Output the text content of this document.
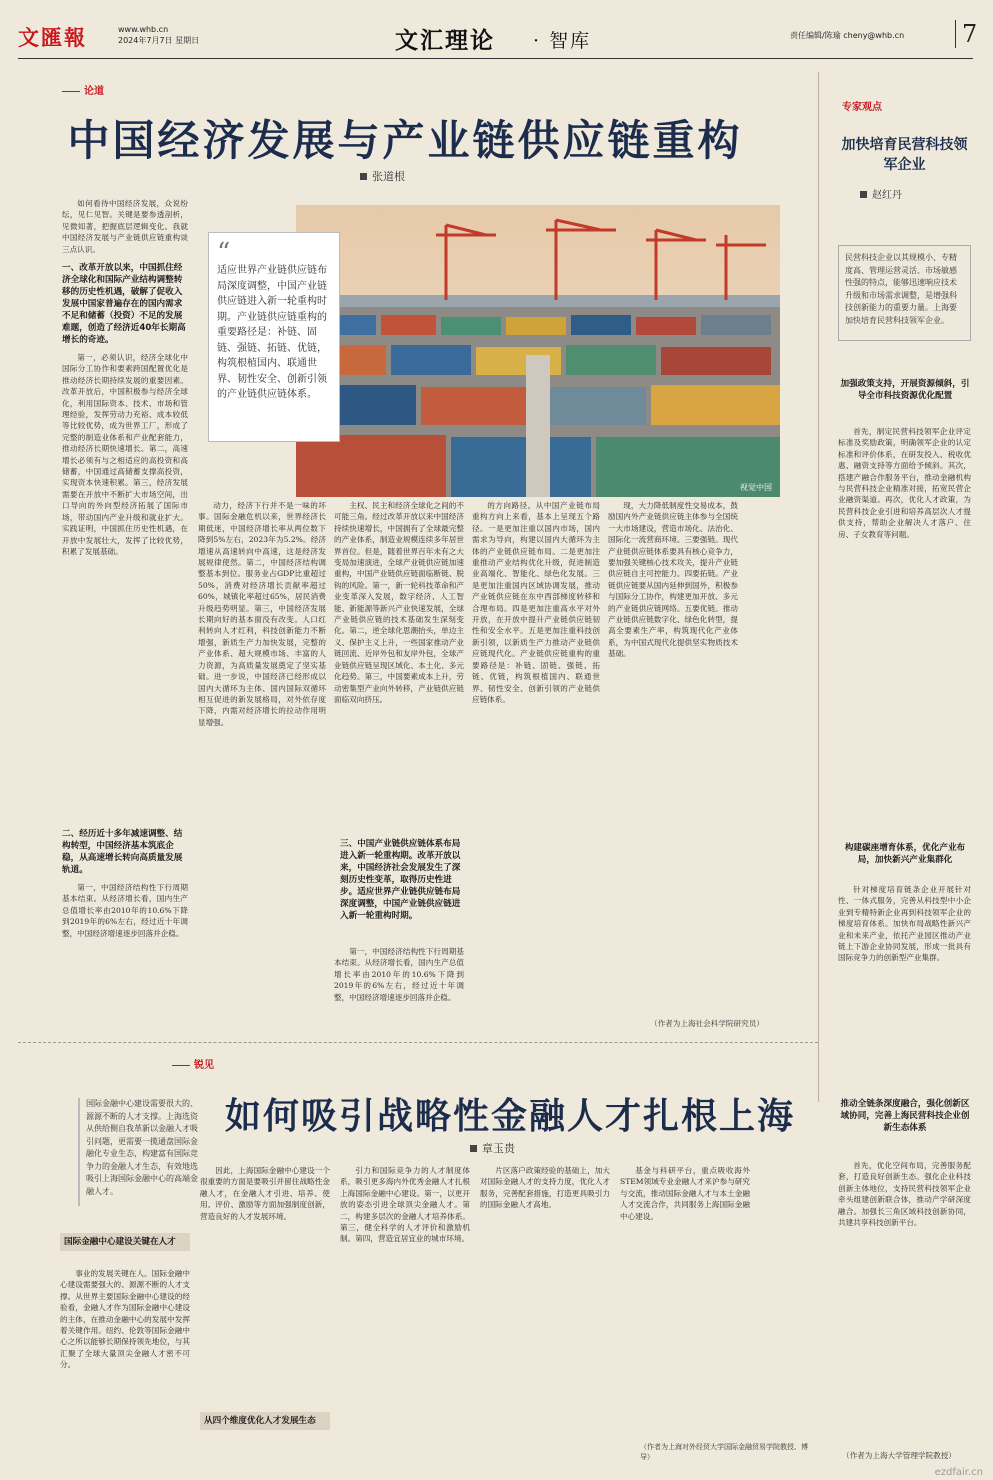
文匯報	www.whb.cn
2024年7月7日 星期日	文汇理论 · 智库	责任编辑/陈瑜 cheny@whb.cn 7
论道
中国经济发展与产业链供应链重构
张道根
视觉中国
“
适应世界产业链供应链布局深度调整，中国产业链供应链进入新一轮重构时期。产业链供应链重构的重要路径是：补链、固链、强链、拓链、优链，构筑根植国内、联通世界、韧性安全、创新引领的产业链供应链体系。

如何看待中国经济发展，众说纷纭，见仁见智。关键是要参透剖析，见微知著，把握底层逻辑变化。我就中国经济发展与产业链供应链重构谈三点认识。

一、改革开放以来，中国抓住经济全球化和国际产业结构调整转移的历史性机遇，破解了促收入发展中国家普遍存在的国内需求不足和储蓄（投资）不足的发展难题，创造了经济近40年长期高增长的奇迹。

第一，必须认识，经济全球化中国际分工协作和要素跨国配置优化是推动经济长期持续发展的重要因素。改革开放后，中国积极参与经济全球化，利用国际资本、技术、市场和管理经验，发挥劳动力充裕、成本较低等比较优势，成为世界工厂，形成了完整的制造业体系和产业配套能力，推动经济长期快速增长。第二，高速增长必须有与之相适应的高投资和高储蓄，中国通过高储蓄支撑高投资，实现资本快速积累。第三，经济发展需要在开放中不断扩大市场空间，出口导向的外向型经济拓展了国际市场，带动国内产业升级和就业扩大。实践证明，中国抓住历史性机遇，在开放中发展壮大，发挥了比较优势，积累了发展基础。

二、经历近十多年减速调整、结构转型，中国经济基本筑底企稳，从高速增长转向高质量发展轨道。

第一，中国经济结构性下行周期基本结束。从经济增长看，国内生产总值增长率由2010年的10.6%下降到2019年的6%左右，经过近十年调整，中国经济增速逐步回落并企稳。

动力，经济下行并不是一味的坏事。国际金融危机以来，世界经济长期低迷，中国经济增长率从两位数下降到5%左右，2023年为5.2%。经济增速从高速转向中高速，这是经济发展规律使然。第二，中国经济结构调整基本到位。服务业占GDP比重超过50%，消费对经济增长贡献率超过60%，城镇化率超过65%，居民消费升级趋势明显。第三，中国经济发展长期向好的基本面没有改变。人口红利转向人才红利，科技创新能力不断增强，新质生产力加快发展，完整的产业体系、超大规模市场、丰富的人力资源，为高质量发展奠定了坚实基础。进一步说，中国经济已经形成以国内大循环为主体、国内国际双循环相互促进的新发展格局，对外依存度下降，内需对经济增长的拉动作用明显增强。

主权、民主和经济全球化之间的不可能三角。经过改革开放以来中国经济持续快速增长，中国拥有了全球最完整的产业体系，制造业规模连续多年居世界首位。但是，随着世界百年未有之大变局加速演进，全球产业链供应链加速重构，中国产业链供应链面临断链、脱钩的风险。第一，新一轮科技革命和产业变革深入发展，数字经济、人工智能、新能源等新兴产业快速发展，全球产业链供应链的技术基础发生深刻变化。第二，逆全球化思潮抬头，单边主义、保护主义上升，一些国家推动产业链回流、近岸外包和友岸外包，全球产业链供应链呈现区域化、本土化、多元化趋势。第三，中国要素成本上升，劳动密集型产业向外转移，产业链供应链面临双向挤压。

三、中国产业链供应链体系布局进入新一轮重构期。改革开放以来，中国经济社会发展发生了深刻历史性变革，取得历史性进步。适应世界产业链供应链布局深度调整，中国产业链供应链进入新一轮重构时期。

第一，中国经济结构性下行周期基本结束。从经济增长看，国内生产总值增长率由2010年的10.6%下降到2019年的6%左右，经过近十年调整，中国经济增速逐步回落并企稳。

的方向路径。从中国产业链布局重构方向上来看，基本上呈现五个路径。一是更加注重以国内市场，国内需求为导向，构建以国内大循环为主体的产业链供应链布局。二是更加注重推动产业结构优化升级，促进制造业高端化、智能化、绿色化发展。三是更加注重国内区域协调发展，推动产业链供应链在东中西部梯度转移和合理布局。四是更加注重高水平对外开放，在开放中提升产业链供应链韧性和安全水平。五是更加注重科技创新引领，以新质生产力推动产业链供应链现代化。产业链供应链重构的重要路径是：补链、固链、强链、拓链、优链，构筑根植国内、联通世界、韧性安全、创新引领的产业链供应链体系。

现，大力降低制度性交易成本，鼓励国内外产业链供应链主体参与全国统一大市场建设，营造市场化、法治化、国际化一流营商环境。三要强链。现代产业链供应链体系要具有核心竞争力，要加强关键核心技术攻关，提升产业链供应链自主可控能力。四要拓链。产业链供应链要从国内延伸到国外，积极参与国际分工协作，构建更加开放、多元的产业链供应链网络。五要优链。推动产业链供应链数字化、绿色化转型，提高全要素生产率，构筑现代化产业体系，为中国式现代化提供坚实物质技术基础。

（作者为上海社会科学院研究员）
专家观点
加快培育民营科技领军企业
赵红丹
民营科技企业以其规模小、专精度高、管理运营灵活、市场敏感性强的特点，能够迅速响应技术升级和市场需求调整，是增强科技创新能力的重要力量。上海要加快培育民营科技领军企业。
加强政策支持，开展资源倾斜，引导全市科技资源优化配置

首先，制定民营科技领军企业评定标准及奖励政策，明确领军企业的认定标准和评价体系，在研发投入、税收优惠、融资支持等方面给予倾斜。其次，搭建产融合作服务平台，推动金融机构与民营科技企业精准对接，拓宽民营企业融资渠道。再次，优化人才政策，为民营科技企业引进和培养高层次人才提供支持，帮助企业解决人才落户、住房、子女教育等问题。

构建碳座增育体系，优化产业布局，加快新兴产业集群化

针对梯度培育链条企业开展针对性、一体式服务，完善从科技型中小企业到专精特新企业再到科技领军企业的梯度培育体系。加快布局战略性新兴产业和未来产业，依托产业园区推动产业链上下游企业协同发展，形成一批具有国际竞争力的创新型产业集群。

锐见
国际金融中心建设需要很大的、源源不断的人才支撑。上海选资从供给侧自我革新以金融人才吸引问题，更需要一揽通盘国际金融化专业生态，构建富有国际竞争力的金融人才生态，有效地选吸引上海国际金融中心的高端金融人才。
如何吸引战略性金融人才扎根上海
章玉贵
国际金融中心建设关键在人才

事业的发展关键在人。国际金融中心建设需要强大的、源源不断的人才支撑。从世界主要国际金融中心建设的经验看，金融人才作为国际金融中心建设的主体，在推动金融中心的发展中发挥着关键作用。纽约、伦敦等国际金融中心之所以能够长期保持领先地位，与其汇聚了全球大量顶尖金融人才密不可分。

因此，上海国际金融中心建设一个很重要的方面是要吸引并留住战略性金融人才，在金融人才引进、培养、使用、评价、激励等方面加强制度创新，营造良好的人才发展环境。

从四个维度优化人才发展生态

引力和国际竞争力的人才制度体系，吸引更多海内外优秀金融人才扎根上海国际金融中心建设。第一，以更开放的姿态引进全球顶尖金融人才。第二，构建多层次的金融人才培养体系。第三，健全科学的人才评价和激励机制。第四，营造宜居宜业的城市环境。

片区落户政策经验的基础上，加大对国际金融人才的支持力度，优化人才服务，完善配套措施，打造更具吸引力的国际金融人才高地。

基金与科研平台，重点吸收海外STEM领域专业金融人才来沪参与研究与交流，推动国际金融人才与本土金融人才交流合作，共同服务上海国际金融中心建设。

（作者为上海对外经贸大学国际金融贸易学院教授、博导）
推动全链条深度融合，强化创新区域协同，完善上海民营科技企业创新生态体系

首先，优化空间布局，完善服务配套，打造良好创新生态。强化企业科技创新主体地位，支持民营科技领军企业牵头组建创新联合体，推动产学研深度融合。加强长三角区域科技创新协同，共建共享科技创新平台。

（作者为上海大学管理学院教授）
ezdfair.cn
